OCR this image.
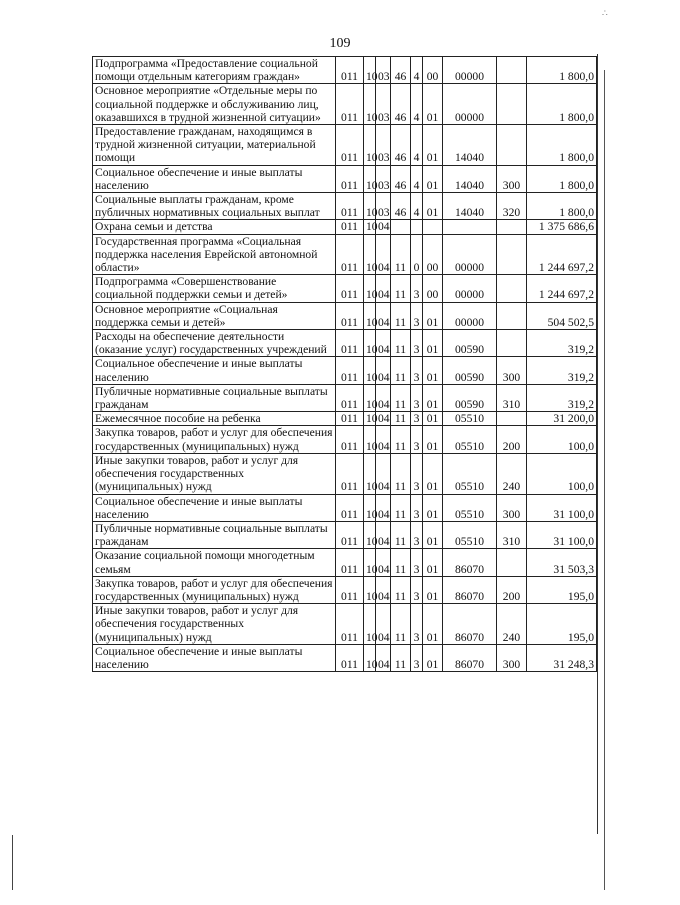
109
Подпрограмма «Предоставление социальной помощи отдельным категориям граждан»	011	10	03	46	4	00	00000		1 800,0
Основное мероприятие «Отдельные меры по социальной поддержке и обслуживанию лиц, оказавшихся в трудной жизненной ситуации»	011	10	03	46	4	01	00000		1 800,0
Предоставление гражданам, находящимся в трудной жизненной ситуации, материальной помощи	011	10	03	46	4	01	14040		1 800,0
Социальное обеспечение и иные выплаты населению	011	10	03	46	4	01	14040	300	1 800,0
Социальные выплаты гражданам, кроме публичных нормативных социальных выплат	011	10	03	46	4	01	14040	320	1 800,0
Охрана семьи и детства	011	10	04						1 375 686,6
Государственная программа «Социальная поддержка населения Еврейской автономной области»	011	10	04	11	0	00	00000		1 244 697,2
Подпрограмма «Совершенствование социальной поддержки семьи и детей»	011	10	04	11	3	00	00000		1 244 697,2
Основное мероприятие «Социальная поддержка семьи и детей»	011	10	04	11	3	01	00000		504 502,5
Расходы на обеспечение деятельности (оказание услуг) государственных учреждений	011	10	04	11	3	01	00590		319,2
Социальное обеспечение и иные выплаты населению	011	10	04	11	3	01	00590	300	319,2
Публичные нормативные социальные выплаты гражданам	011	10	04	11	3	01	00590	310	319,2
Ежемесячное пособие на ребенка	011	10	04	11	3	01	05510		31 200,0
Закупка товаров, работ и услуг для обеспечения государственных (муниципальных) нужд	011	10	04	11	3	01	05510	200	100,0
Иные закупки товаров, работ и услуг для обеспечения государственных (муниципальных) нужд	011	10	04	11	3	01	05510	240	100,0
Социальное обеспечение и иные выплаты населению	011	10	04	11	3	01	05510	300	31 100,0
Публичные нормативные социальные выплаты гражданам	011	10	04	11	3	01	05510	310	31 100,0
Оказание социальной помощи многодетным семьям	011	10	04	11	3	01	86070		31 503,3
Закупка товаров, работ и услуг для обеспечения государственных (муниципальных) нужд	011	10	04	11	3	01	86070	200	195,0
Иные закупки товаров, работ и услуг для обеспечения государственных (муниципальных) нужд	011	10	04	11	3	01	86070	240	195,0
Социальное обеспечение и иные выплаты населению	011	10	04	11	3	01	86070	300	31 248,3
∴
